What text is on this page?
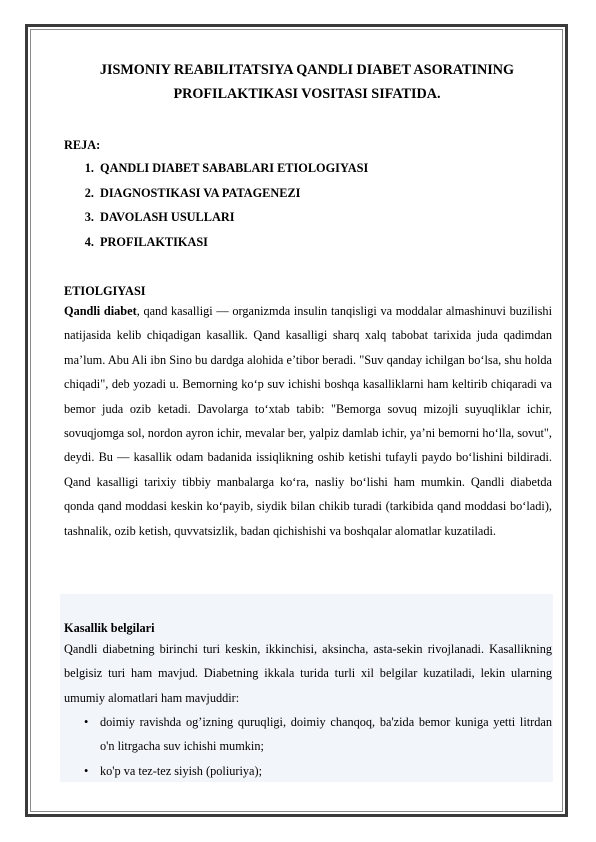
JISMONIY REABILITATSIYA QANDLI DIABET ASORATINING PROFILAKTIKASI VOSITASI SIFATIDA.
REJA:
1. QANDLI DIABET SABABLARI ETIOLOGIYASI
2. DIAGNOSTIKASI VA PATAGENEZI
3. DAVOLASH USULLARI
4. PROFILAKTIKASI
ETIOLGIYASI
Qandli diabet, qand kasalligi — organizmda insulin tanqisligi va moddalar almashinuvi buzilishi natijasida kelib chiqadigan kasallik. Qand kasalligi sharq xalq tabobat tarixida juda qadimdan ma’lum. Abu Ali ibn Sino bu dardga alohida e’tibor beradi. "Suv qanday ichilgan bo‘lsa, shu holda chiqadi", deb yozadi u. Bemorning ko‘p suv ichishi boshqa kasalliklarni ham keltirib chiqaradi va bemor juda ozib ketadi. Davolarga to‘xtab tabib: "Bemorga sovuq mizojli suyuqliklar ichir, sovuqjomga sol, nordon ayron ichir, mevalar ber, yalpiz damlab ichir, ya’ni bemorni ho‘lla, sovut", deydi. Bu — kasallik odam badanida issiqlikning oshib ketishi tufayli paydo bo‘lishini bildiradi. Qand kasalligi tarixiy tibbiy manbalarga ko‘ra, nasliy bo‘lishi ham mumkin. Qandli diabetda qonda qand moddasi keskin ko‘payib, siydik bilan chikib turadi (tarkibida qand moddasi bo‘ladi), tashnalik, ozib ketish, quvvatsizlik, badan qichishishi va boshqalar alomatlar kuzatiladi.
Kasallik belgilari
Qandli diabetning birinchi turi keskin, ikkinchisi, aksincha, asta-sekin rivojlanadi. Kasallikning belgisiz turi ham mavjud. Diabetning ikkala turida turli xil belgilar kuzatiladi, lekin ularning umumiy alomatlari ham mavjuddir:
• doimiy ravishda og’izning quruqligi, doimiy chanqoq, ba'zida bemor kuniga yetti litrdan o'n litrgacha suv ichishi mumkin;
• ko'p va tez-tez siyish (poliuriya);
